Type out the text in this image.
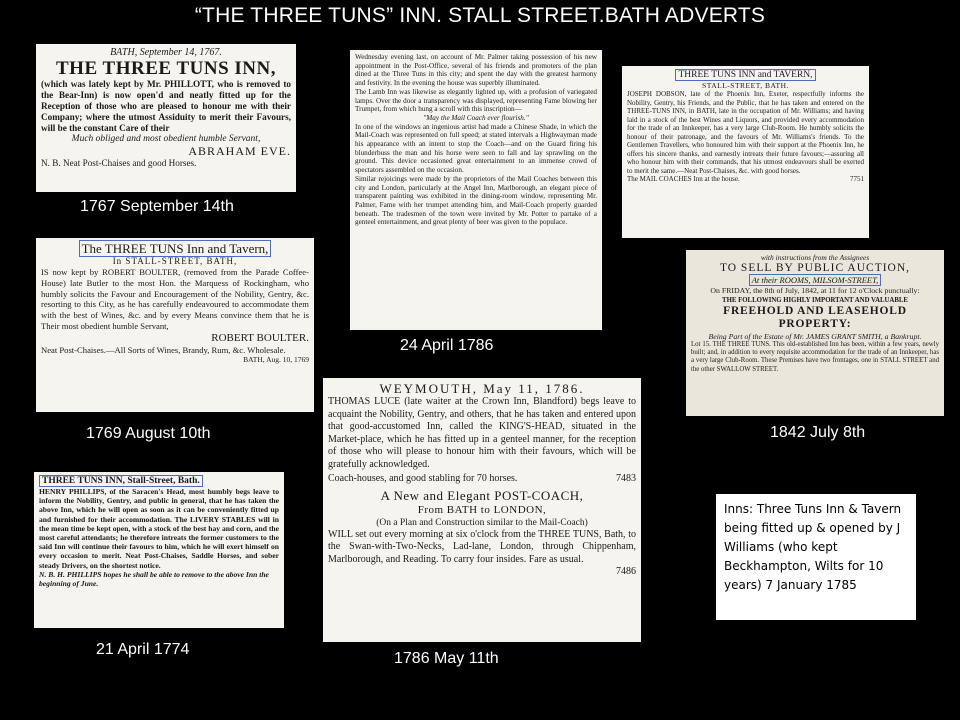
“THE THREE TUNS” INN. STALL STREET.BATH ADVERTS

BATH, September 14, 1767.

THE THREE TUNS INN,

(which was lately kept by Mr. PHILLOTT, who is removed to the Bear-Inn) is now open'd and neatly fitted up for the Reception of those who are pleased to honour me with their Company; where the utmost Assiduity to merit their Favours, will be the constant Care of their

Much obliged and most obedient humble Servant,

ABRAHAM EVE.

N. B. Neat Post-Chaises and good Horses.

1767 September 14th

The THREE TUNS Inn and Tavern,

In STALL-STREET, BATH,

IS now kept by ROBERT BOULTER, (removed from the Parade Coffee-House) late Butler to the most Hon. the Marquess of Rockingham, who humbly solicits the Favour and Encouragement of the Nobility, Gentry, &c. resorting to this City, as he has carefully endeavoured to accommodate them with the best of Wines, &c. and by every Means convince them that he is Their most obedient humble Servant,

ROBERT BOULTER.

Neat Post-Chaises.—All Sorts of Wines, Brandy, Rum, &c. Wholesale.

BATH, Aug. 10, 1769

1769 August 10th

THREE TUNS INN, Stall-Street, Bath.

HENRY PHILLIPS, of the Saracen's Head, most humbly begs leave to inform the Nobility, Gentry, and public in general, that he has taken the above Inn, which he will open as soon as it can be conveniently fitted up and furnished for their accommodation. The LIVERY STABLES will in the mean time be kept open, with a stock of the best hay and corn, and the most careful attendants; he therefore intreats the former customers to the said Inn will continue their favours to him, which he will exert himself on every occasion to merit. Neat Post-Chaises, Saddle Horses, and sober steady Drivers, on the shortest notice.

N. B. H. PHILLIPS hopes he shall be able to remove to the above Inn the beginning of June.

21 April 1774

Wednesday evening last, on account of Mr. Palmer taking possession of his new appointment in the Post-Office, several of his friends and promoters of the plan dined at the Three Tuns in this city; and spent the day with the greatest harmony and festivity. In the evening the house was superbly illuminated.

The Lamb Inn was likewise as elegantly lighted up, with a profusion of variegated lamps. Over the door a transparency was displayed, representing Fame blowing her Trumpet, from which hung a scroll with this inscription—

"May the Mail Coach ever flourish."

In one of the windows an ingenious artist had made a Chinese Shade, in which the Mail-Coach was represented on full speed; at stated intervals a Highwayman made his appearance with an intent to stop the Coach—and on the Guard firing his blunderbuss the man and his horse were seen to fall and lay sprawling on the ground. This device occasioned great entertainment to an immense crowd of spectators assembled on the occasion.

Similar rejoicings were made by the proprietors of the Mail Coaches between this city and London, particularly at the Angel Inn, Marlborough, an elegant piece of transparent painting was exhibited in the dining-room window, representing Mr. Palmer, Fame with her trumpet attending him, and Mail-Coach properly guarded beneath. The tradesmen of the town were invited by Mr. Potter to partake of a genteel entertainment, and great plenty of beer was given to the populace.

24 April 1786

THREE TUNS INN and TAVERN,

STALL-STREET, BATH.

JOSEPH DOBSON, late of the Phoenix Inn, Exeter, respectfully informs the Nobility, Gentry, his Friends, and the Public, that he has taken and entered on the THREE-TUNS INN, in BATH, late in the occupation of Mr. Williams; and having laid in a stock of the best Wines and Liquors, and provided every accommodation for the trade of an Innkeeper, has a very large Club-Room. He humbly solicits the honour of their patronage, and the favours of Mr. Williams's friends. To the Gentlemen Travellers, who honoured him with their support at the Phoenix Inn, he offers his sincere thanks, and earnestly intreats their future favours;—assuring all who honour him with their commands, that his utmost endeavours shall be exerted to merit the same.—Neat Post-Chaises, &c. with good horses.

The MAIL COACHES Inn at the house.	7751

with instructions from the Assignees

TO SELL BY PUBLIC AUCTION,

At their ROOMS, MILSOM-STREET,

On FRIDAY, the 8th of July, 1842, at 11 for 12 o'Clock punctually:

THE FOLLOWING HIGHLY IMPORTANT AND VALUABLE

FREEHOLD AND LEASEHOLD PROPERTY:

Being Part of the Estate of Mr. JAMES GRANT SMITH, a Bankrupt.

Lot 15. THE THREE TUNS. This old-established Inn has been, within a few years, newly built; and, in addition to every requisite accommodation for the trade of an Innkeeper, has a very large Club-Room. These Premises have two frontages, one in STALL STREET and the other SWALLOW STREET.

1842 July 8th

WEYMOUTH, May 11, 1786.

THOMAS LUCE (late waiter at the Crown Inn, Blandford) begs leave to acquaint the Nobility, Gentry, and others, that he has taken and entered upon that good-accustomed Inn, called the KING'S-HEAD, situated in the Market-place, which he has fitted up in a genteel manner, for the reception of those who will please to honour him with their favours, which will be gratefully acknowledged.

Coach-houses, and good stabling for 70 horses.	7483

A New and Elegant POST-COACH,

From BATH to LONDON,

(On a Plan and Construction similar to the Mail-Coach)

WILL set out every morning at six o'clock from the THREE TUNS, Bath, to the Swan-with-Two-Necks, Lad-lane, London, through Chippenham, Marlborough, and Reading. To carry four insides. Fare as usual.

7486

1786 May 11th
Inns: Three Tuns Inn & Tavern being fitted up & opened by J Williams (who kept Beckhampton, Wilts for 10 years) 7 January 1785
